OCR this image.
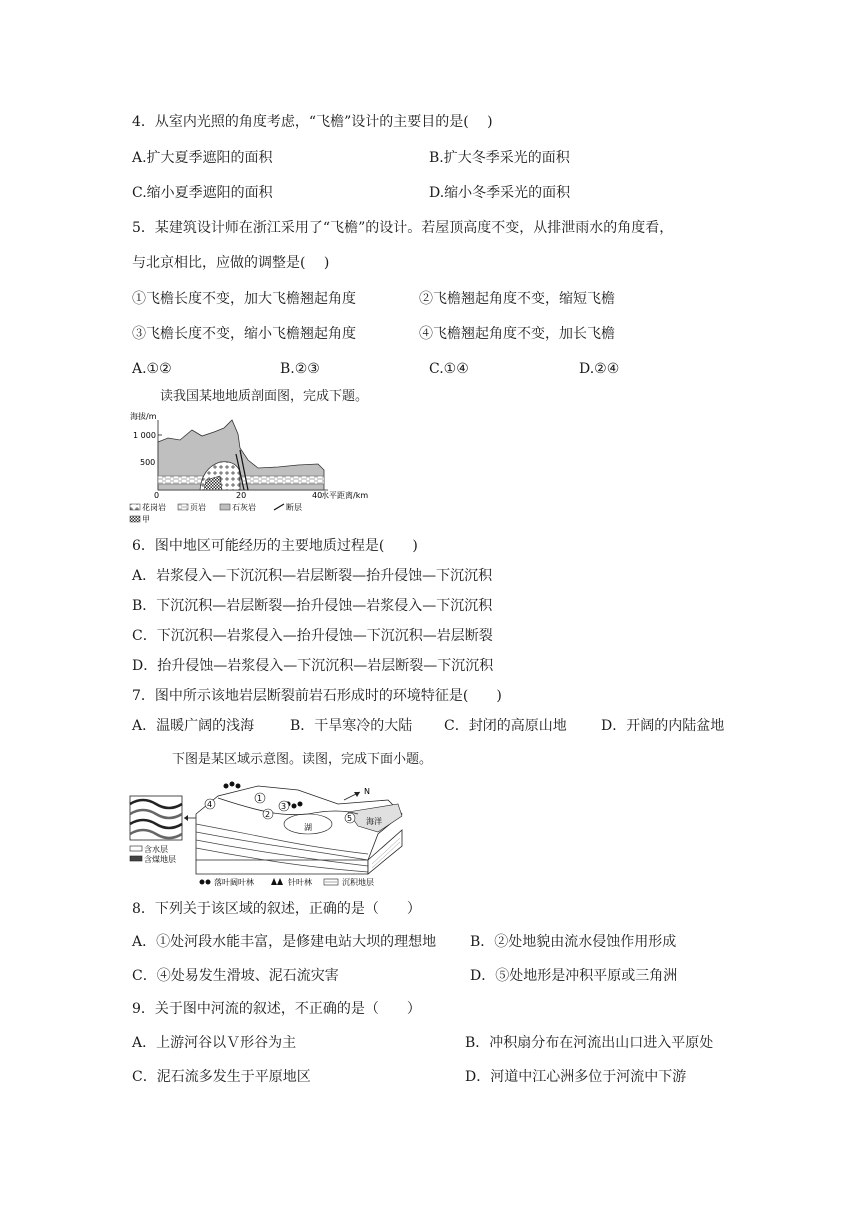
4．从室内光照的角度考虑，“飞檐”设计的主要目的是(　 )
A.扩大夏季遮阳的面积	B.扩大冬季采光的面积
C.缩小夏季遮阳的面积	D.缩小冬季采光的面积
5．某建筑设计师在浙江采用了“飞檐”的设计。若屋顶高度不变，从排泄雨水的角度看，
与北京相比，应做的调整是(　 )
①飞檐长度不变，加大飞檐翘起角度	②飞檐翘起角度不变，缩短飞檐
③飞檐长度不变，缩小飞檐翘起角度	④飞檐翘起角度不变，加长飞檐
A.①②	B.②③	C.①④	D.②④
读我国某地地质剖面图，完成下题。
海拔/m
1 000
500
0	20	40
水平距离/km
花岗岩	页岩	石灰岩	断层
甲
6．图中地区可能经历的主要地质过程是(　　)
A．岩浆侵入—下沉沉积—岩层断裂—抬升侵蚀—下沉沉积
B．下沉沉积—岩层断裂—抬升侵蚀—岩浆侵入—下沉沉积
C．下沉沉积—岩浆侵入—抬升侵蚀—下沉沉积—岩层断裂
D．抬升侵蚀—岩浆侵入—下沉沉积—岩层断裂—下沉沉积
7．图中所示该地岩层断裂前岩石形成时的环境特征是(　　)
A．温暖广阔的浅海	B．干旱寒冷的大陆 C．封闭的高原山地 D．开阔的内陆盆地
下图是某区域示意图。读图，完成下面小题。
含水层
含煤地层
海洋
湖
4
1
2
3
5
N
落叶阔叶林	针叶林	沉积地层
8．下列关于该区域的叙述，正确的是（　　）
A．①处河段水能丰富，是修建电站大坝的理想地 B．②处地貌由流水侵蚀作用形成
C．④处易发生滑坡、泥石流灾害	D．⑤处地形是冲积平原或三角洲
9．关于图中河流的叙述，不正确的是（　　）
A．上游河谷以Ｖ形谷为主	B．冲积扇分布在河流出山口进入平原处
C．泥石流多发生于平原地区	D．河道中江心洲多位于河流中下游
